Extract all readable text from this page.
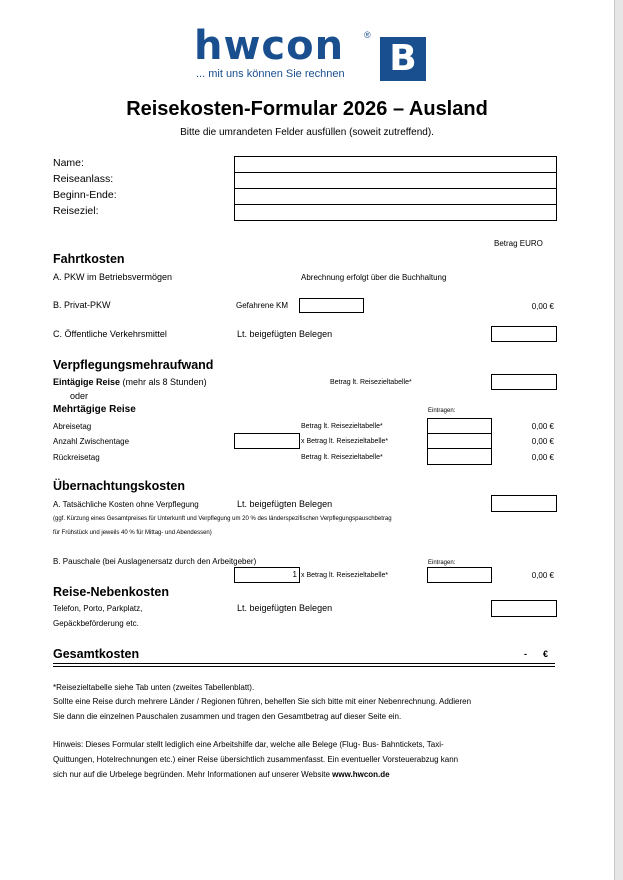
hwcon ®
B
... mit uns können Sie rechnen
Reisekosten-Formular 2026 – Ausland
Bitte die umrandeten Felder ausfüllen (soweit zutreffend).
Name:
Reiseanlass:
Beginn-Ende:
Reiseziel:
Betrag EURO
Fahrtkosten
A. PKW im Betriebsvermögen	Abrechnung erfolgt über die Buchhaltung
B. Privat-PKW	Gefahrene KM	0,00 €
C. Öffentliche Verkehrsmittel	Lt. beigefügten Belegen
Verpflegungsmehraufwand
Eintägige Reise (mehr als 8 Stunden)	Betrag lt. Reisezieltabelle*
oder
Mehrtägige Reise	Eintragen:
Abreisetag	Betrag lt. Reisezieltabelle*	0,00 €
Anzahl Zwischentage	x Betrag lt. Reisezieltabelle*	0,00 €
Rückreisetag	Betrag lt. Reisezieltabelle*	0,00 €
Übernachtungskosten
A. Tatsächliche Kosten ohne Verpflegung	Lt. beigefügten Belegen
(ggf. Kürzung eines Gesamtpreises für Unterkunft und Verpflegung um 20 % des länderspezifischen Verpflegungspauschbetrag
für Frühstück und jeweils 40 % für Mittag- und Abendessen)
B. Pauschale (bei Auslagenersatz durch den Arbeitgeber)	Eintragen:
1 x Betrag lt. Reisezieltabelle*	0,00 €
Reise-Nebenkosten
Telefon, Porto, Parkplatz,
Gepäckbeförderung etc.
Lt. beigefügten Belegen
Gesamtkosten	- €
*Reisezieltabelle siehe Tab unten (zweites Tabellenblatt).
Sollte eine Reise durch mehrere Länder / Regionen führen, behelfen Sie sich bitte mit einer Nebenrechnung. Addieren
Sie dann die einzelnen Pauschalen zusammen und tragen den Gesamtbetrag auf dieser Seite ein.
Hinweis: Dieses Formular stellt lediglich eine Arbeitshilfe dar, welche alle Belege (Flug- Bus- Bahntickets, Taxi-
Quittungen, Hotelrechnungen etc.) einer Reise übersichtlich zusammenfasst. Ein eventueller Vorsteuerabzug kann
sich nur auf die Urbelege begründen. Mehr Informationen auf unserer Website www.hwcon.de
